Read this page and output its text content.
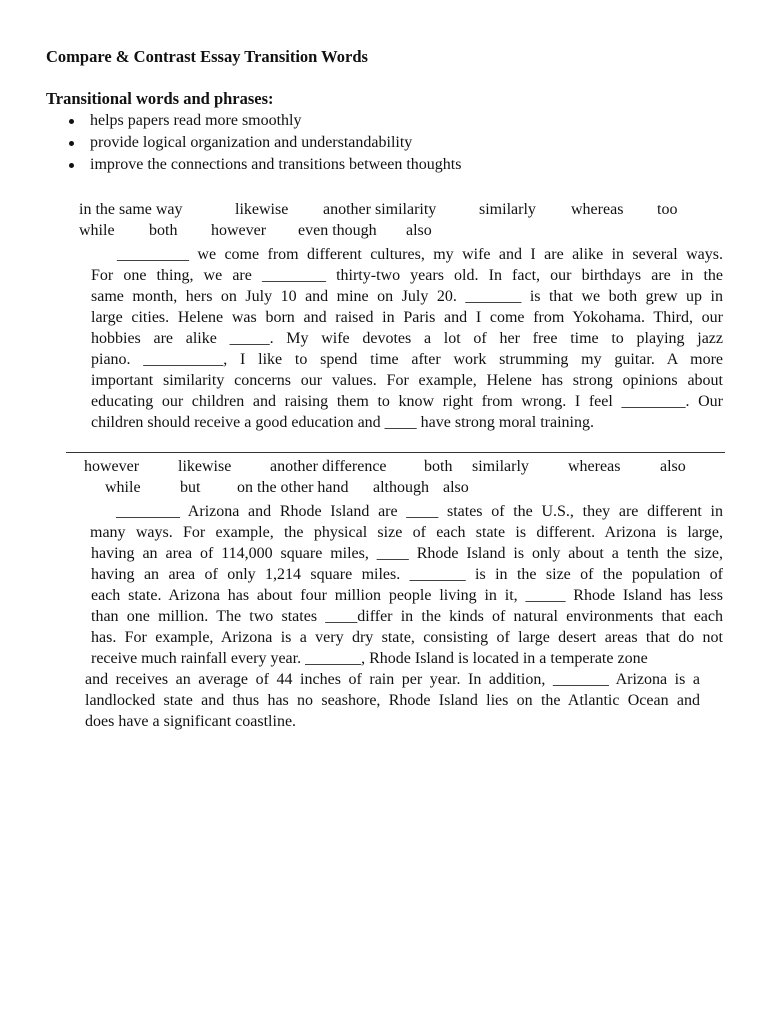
Compare & Contrast Essay Transition Words
Transitional words and phrases:
helps papers read more smoothly
provide logical organization and understandability
improve the connections and transitions between thoughts
in the same way	likewise another similarity	similarly whereas too
while both however even though also
_________ we come from different cultures, my wife and I are alike in several ways.
For one thing, we are ________ thirty-two years old. In fact, our birthdays are in the
same month, hers on July 10 and mine on July 20. _______ is that we both grew up in
large cities. Helene was born and raised in Paris and I come from Yokohama. Third, our
hobbies are alike _____. My wife devotes a lot of her free time to playing jazz
piano. __________, I like to spend time after work strumming my guitar. A more
important similarity concerns our values. For example, Helene has strong opinions about
educating our children and raising them to know right from wrong. I feel ________. Our
children should receive a good education and ____ have strong moral training.
however likewise another difference both similarly whereas also
while but on the other hand although also
________ Arizona and Rhode Island are ____ states of the U.S., they are different in
many ways. For example, the physical size of each state is different. Arizona is large,
having an area of 114,000 square miles, ____ Rhode Island is only about a tenth the size,
having an area of only 1,214 square miles. _______ is in the size of the population of
each state. Arizona has about four million people living in it, _____ Rhode Island has less
than one million. The two states ____differ in the kinds of natural environments that each
has. For example, Arizona is a very dry state, consisting of large desert areas that do not
receive much rainfall every year. _______, Rhode Island is located in a temperate zone
and receives an average of 44 inches of rain per year. In addition, _______ Arizona is a
landlocked state and thus has no seashore, Rhode Island lies on the Atlantic Ocean and
does have a significant coastline.
